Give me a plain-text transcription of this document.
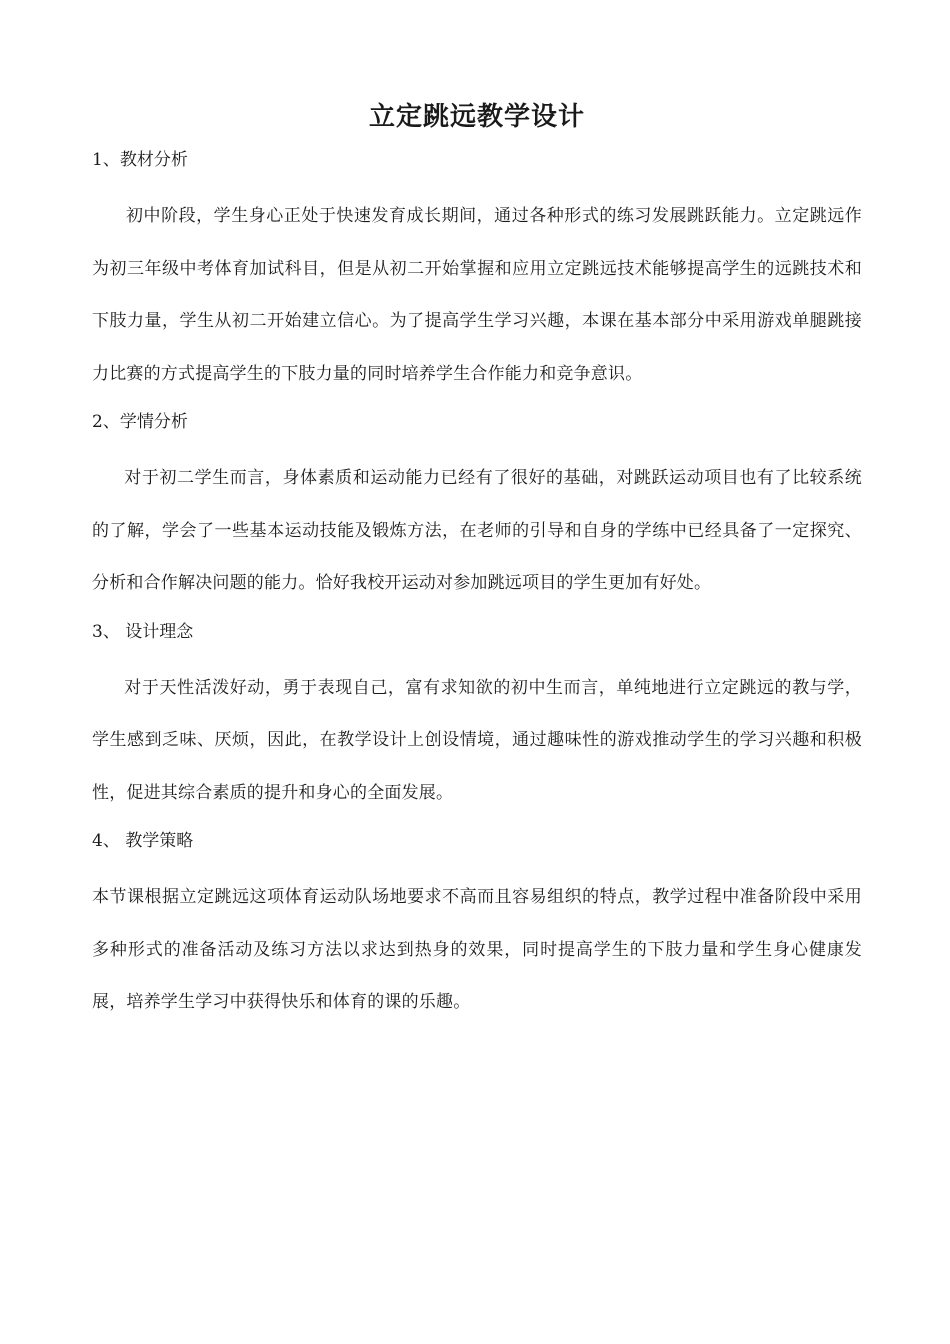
立定跳远教学设计

1、教材分析

初中阶段，学生身心正处于快速发育成长期间，通过各种形式的练习发展跳跃能力。立定跳远作为初三年级中考体育加试科目，但是从初二开始掌握和应用立定跳远技术能够提高学生的远跳技术和下肢力量，学生从初二开始建立信心。为了提高学生学习兴趣，本课在基本部分中采用游戏单腿跳接力比赛的方式提高学生的下肢力量的同时培养学生合作能力和竞争意识。

2、学情分析

对于初二学生而言，身体素质和运动能力已经有了很好的基础，对跳跃运动项目也有了比较系统的了解，学会了一些基本运动技能及锻炼方法，在老师的引导和自身的学练中已经具备了一定探究、分析和合作解决问题的能力。恰好我校开运动对参加跳远项目的学生更加有好处。

3、 设计理念

对于天性活泼好动，勇于表现自己，富有求知欲的初中生而言，单纯地进行立定跳远的教与学，学生感到乏味、厌烦，因此，在教学设计上创设情境，通过趣味性的游戏推动学生的学习兴趣和积极性，促进其综合素质的提升和身心的全面发展。

4、 教学策略

本节课根据立定跳远这项体育运动队场地要求不高而且容易组织的特点，教学过程中准备阶段中采用多种形式的准备活动及练习方法以求达到热身的效果，同时提高学生的下肢力量和学生身心健康发展，培养学生学习中获得快乐和体育的课的乐趣。
